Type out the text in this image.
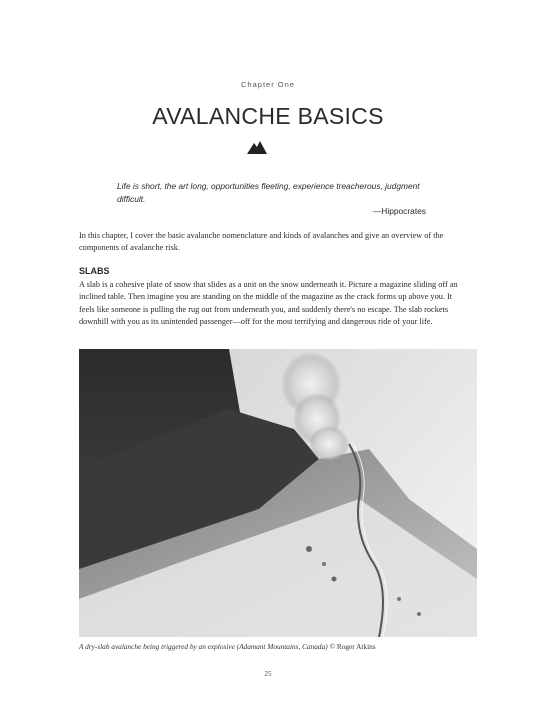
Chapter One
AVALANCHE BASICS
Life is short, the art long, opportunities fleeting, experience treacherous, judgment difficult.
—Hippocrates
In this chapter, I cover the basic avalanche nomenclature and kinds of avalanches and give an overview of the components of avalanche risk.
SLABS
A slab is a cohesive plate of snow that slides as a unit on the snow underneath it. Picture a magazine sliding off an inclined table. Then imagine you are standing on the middle of the magazine as the crack forms up above you. It feels like someone is pulling the rug out from underneath you, and suddenly there's no escape. The slab rockets downhill with you as its unintended passenger—off for the most terrifying and dangerous ride of your life.
A dry-slab avalanche being triggered by an explosive (Adamant Mountains, Canada) © Roger Atkins
25
